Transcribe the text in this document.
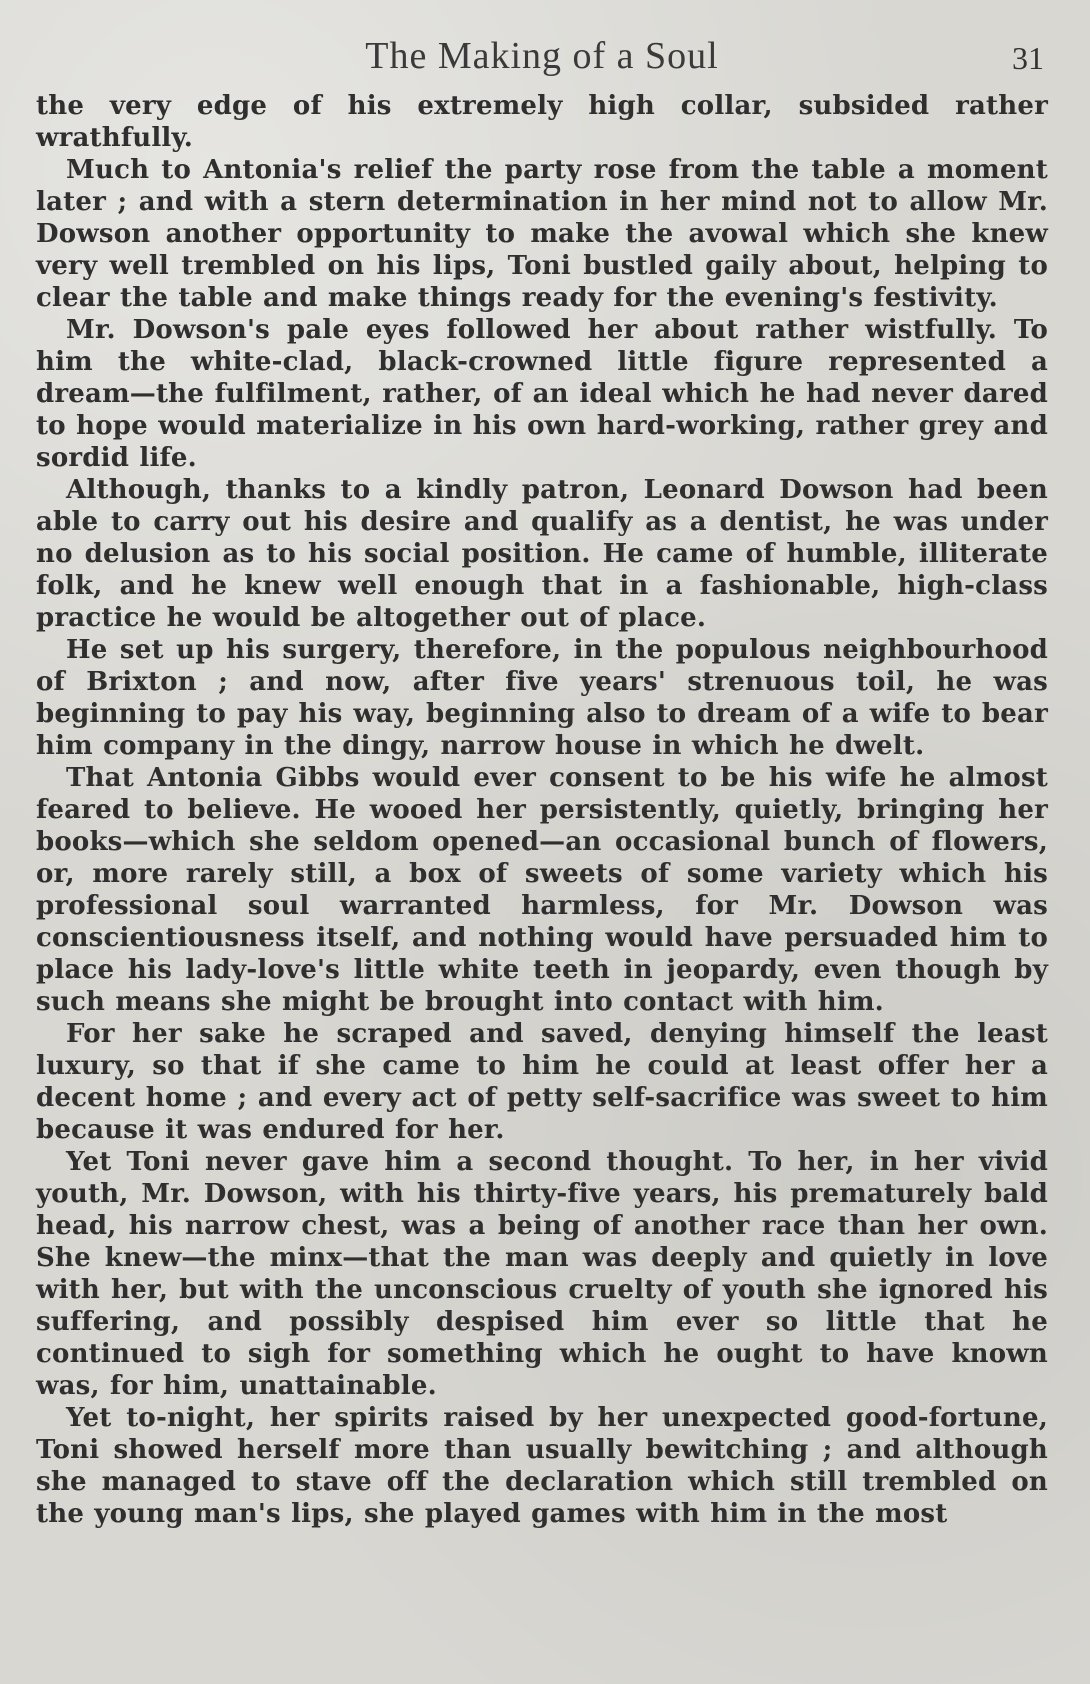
The Making of a Soul	31

the very edge of his extremely high collar, subsided rather wrathfully.

Much to Antonia's relief the party rose from the table a moment later ; and with a stern determination in her mind not to allow Mr. Dowson another opportunity to make the avowal which she knew very well trembled on his lips, Toni bustled gaily about, helping to clear the table and make things ready for the evening's festivity.

Mr. Dowson's pale eyes followed her about rather wistfully. To him the white-clad, black-crowned little figure represented a dream—the fulfilment, rather, of an ideal which he had never dared to hope would materialize in his own hard-working, rather grey and sordid life.

Although, thanks to a kindly patron, Leonard Dowson had been able to carry out his desire and qualify as a dentist, he was under no delusion as to his social position. He came of humble, illiterate folk, and he knew well enough that in a fashionable, high-class practice he would be altogether out of place.

He set up his surgery, therefore, in the populous neighbourhood of Brixton ; and now, after five years' strenuous toil, he was beginning to pay his way, beginning also to dream of a wife to bear him company in the dingy, narrow house in which he dwelt.

That Antonia Gibbs would ever consent to be his wife he almost feared to believe. He wooed her persistently, quietly, bringing her books—which she seldom opened—an occasional bunch of flowers, or, more rarely still, a box of sweets of some variety which his professional soul warranted harmless, for Mr. Dowson was conscientiousness itself, and nothing would have persuaded him to place his lady-love's little white teeth in jeopardy, even though by such means she might be brought into contact with him.

For her sake he scraped and saved, denying himself the least luxury, so that if she came to him he could at least offer her a decent home ; and every act of petty self-sacrifice was sweet to him because it was endured for her.

Yet Toni never gave him a second thought. To her, in her vivid youth, Mr. Dowson, with his thirty-five years, his prematurely bald head, his narrow chest, was a being of another race than her own. She knew—the minx—that the man was deeply and quietly in love with her, but with the unconscious cruelty of youth she ignored his suffering, and possibly despised him ever so little that he continued to sigh for something which he ought to have known was, for him, unattainable.

Yet to-night, her spirits raised by her unexpected good-fortune, Toni showed herself more than usually bewitching ; and although she managed to stave off the declaration which still trembled on the young man's lips, she played games with him in the most
